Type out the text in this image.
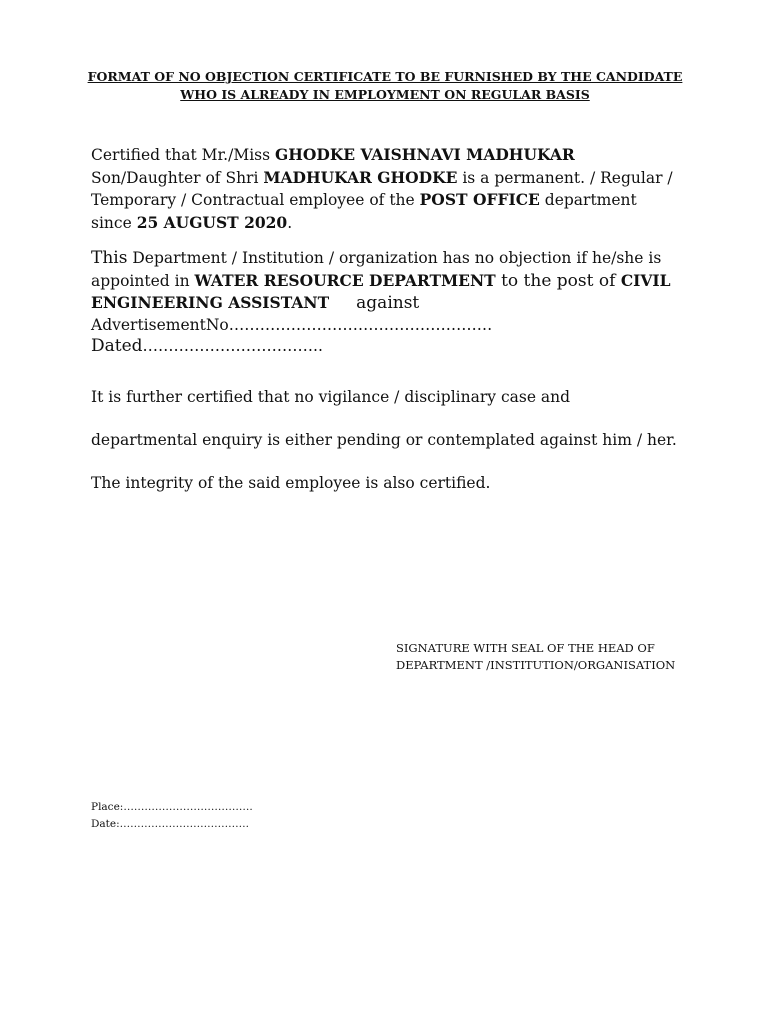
FORMAT OF NO OBJECTION CERTIFICATE TO BE FURNISHED BY THE CANDIDATE
WHO IS ALREADY IN EMPLOYMENT ON REGULAR BASIS
Certified that Mr./Miss GHODKE VAISHNAVI MADHUKAR Son/Daughter of Shri MADHUKAR GHODKE is a permanent. / Regular / Temporary / Contractual employee of the POST OFFICE department since 25 AUGUST 2020.
This Department / Institution / organization has no objection if he/she is appointed in WATER RESOURCE DEPARTMENT to the post of CIVIL ENGINEERING ASSISTANT     against
AdvertisementNo……………………………………………Dated……………………………..
It is further certified that no vigilance / disciplinary case and departmental enquiry is either pending or contemplated against him / her. The integrity of the said employee is also certified.
SIGNATURE WITH SEAL OF THE HEAD OF
DEPARTMENT /INSTITUTION/ORGANISATION
Place:……………………………….
Date:……………………………….
